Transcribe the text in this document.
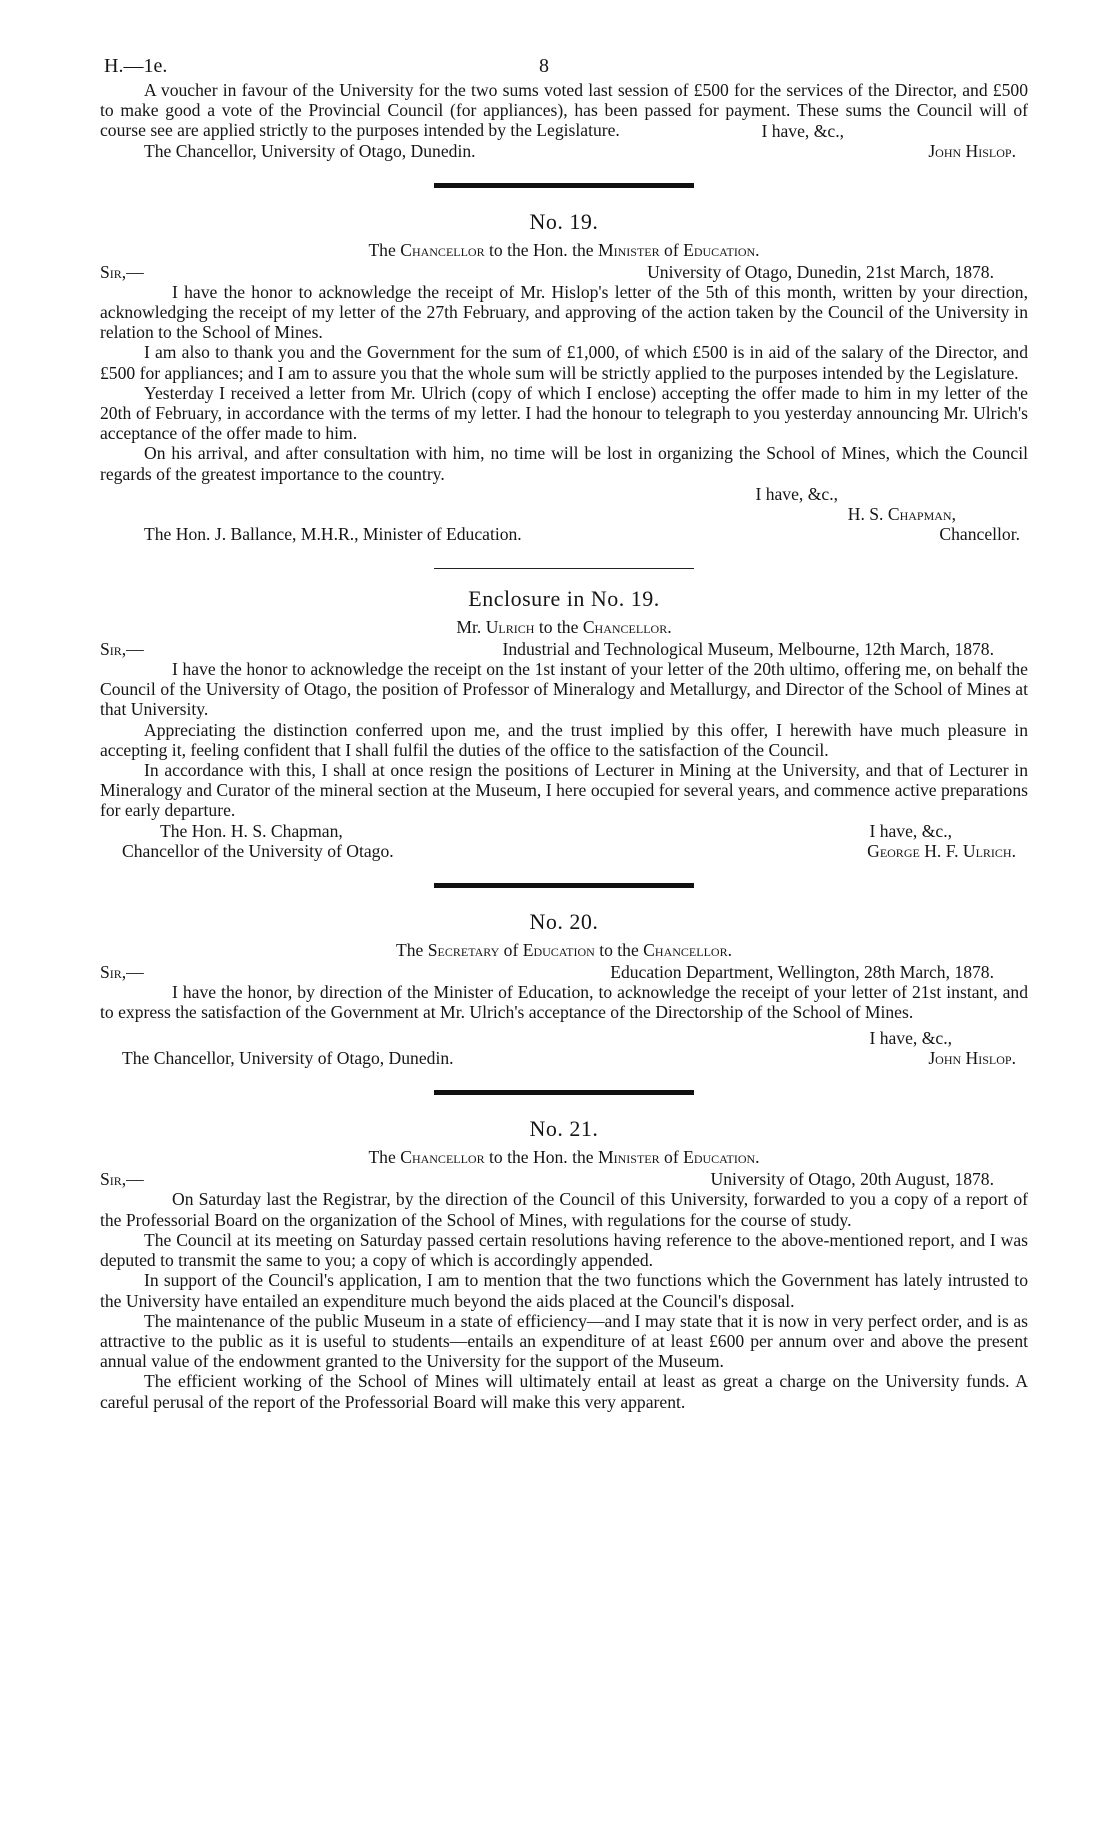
H.—1e.	8

A voucher in favour of the University for the two sums voted last session of £500 for the services of the Director, and £500 to make good a vote of the Provincial Council (for appliances), has been passed for payment. These sums the Council will of course see are applied strictly to the purposes intended by the Legislature.	I have, &c.,
The Chancellor, University of Otago, Dunedin.	John Hislop.
No. 19.
The Chancellor to the Hon. the Minister of Education.
Sir,—	University of Otago, Dunedin, 21st March, 1878.

I have the honor to acknowledge the receipt of Mr. Hislop's letter of the 5th of this month, written by your direction, acknowledging the receipt of my letter of the 27th February, and approving of the action taken by the Council of the University in relation to the School of Mines.

I am also to thank you and the Government for the sum of £1,000, of which £500 is in aid of the salary of the Director, and £500 for appliances; and I am to assure you that the whole sum will be strictly applied to the purposes intended by the Legislature.

Yesterday I received a letter from Mr. Ulrich (copy of which I enclose) accepting the offer made to him in my letter of the 20th of February, in accordance with the terms of my letter. I had the honour to telegraph to you yesterday announcing Mr. Ulrich's acceptance of the offer made to him.

On his arrival, and after consultation with him, no time will be lost in organizing the School of Mines, which the Council regards of the greatest importance to the country.

I have, &c.,
H. S. Chapman,
The Hon. J. Ballance, M.H.R., Minister of Education.	Chancellor.
Enclosure in No. 19.
Mr. Ulrich to the Chancellor.
Sir,—	Industrial and Technological Museum, Melbourne, 12th March, 1878.

I have the honor to acknowledge the receipt on the 1st instant of your letter of the 20th ultimo, offering me, on behalf the Council of the University of Otago, the position of Professor of Mineralogy and Metallurgy, and Director of the School of Mines at that University.

Appreciating the distinction conferred upon me, and the trust implied by this offer, I herewith have much pleasure in accepting it, feeling confident that I shall fulfil the duties of the office to the satisfaction of the Council.

In accordance with this, I shall at once resign the positions of Lecturer in Mining at the University, and that of Lecturer in Mineralogy and Curator of the mineral section at the Museum, I here occupied for several years, and commence active preparations for early departure.

The Hon. H. S. Chapman,	I have, &c.,
Chancellor of the University of Otago.	George H. F. Ulrich.
No. 20.
The Secretary of Education to the Chancellor.
Sir,—	Education Department, Wellington, 28th March, 1878.

I have the honor, by direction of the Minister of Education, to acknowledge the receipt of your letter of 21st instant, and to express the satisfaction of the Government at Mr. Ulrich's acceptance of the Directorship of the School of Mines.

I have, &c.,
The Chancellor, University of Otago, Dunedin.	John Hislop.
No. 21.
The Chancellor to the Hon. the Minister of Education.
Sir,—	University of Otago, 20th August, 1878.

On Saturday last the Registrar, by the direction of the Council of this University, forwarded to you a copy of a report of the Professorial Board on the organization of the School of Mines, with regulations for the course of study.

The Council at its meeting on Saturday passed certain resolutions having reference to the above-mentioned report, and I was deputed to transmit the same to you; a copy of which is accordingly appended.

In support of the Council's application, I am to mention that the two functions which the Government has lately intrusted to the University have entailed an expenditure much beyond the aids placed at the Council's disposal.

The maintenance of the public Museum in a state of efficiency—and I may state that it is now in very perfect order, and is as attractive to the public as it is useful to students—entails an expenditure of at least £600 per annum over and above the present annual value of the endowment granted to the University for the support of the Museum.

The efficient working of the School of Mines will ultimately entail at least as great a charge on the University funds. A careful perusal of the report of the Professorial Board will make this very apparent.
